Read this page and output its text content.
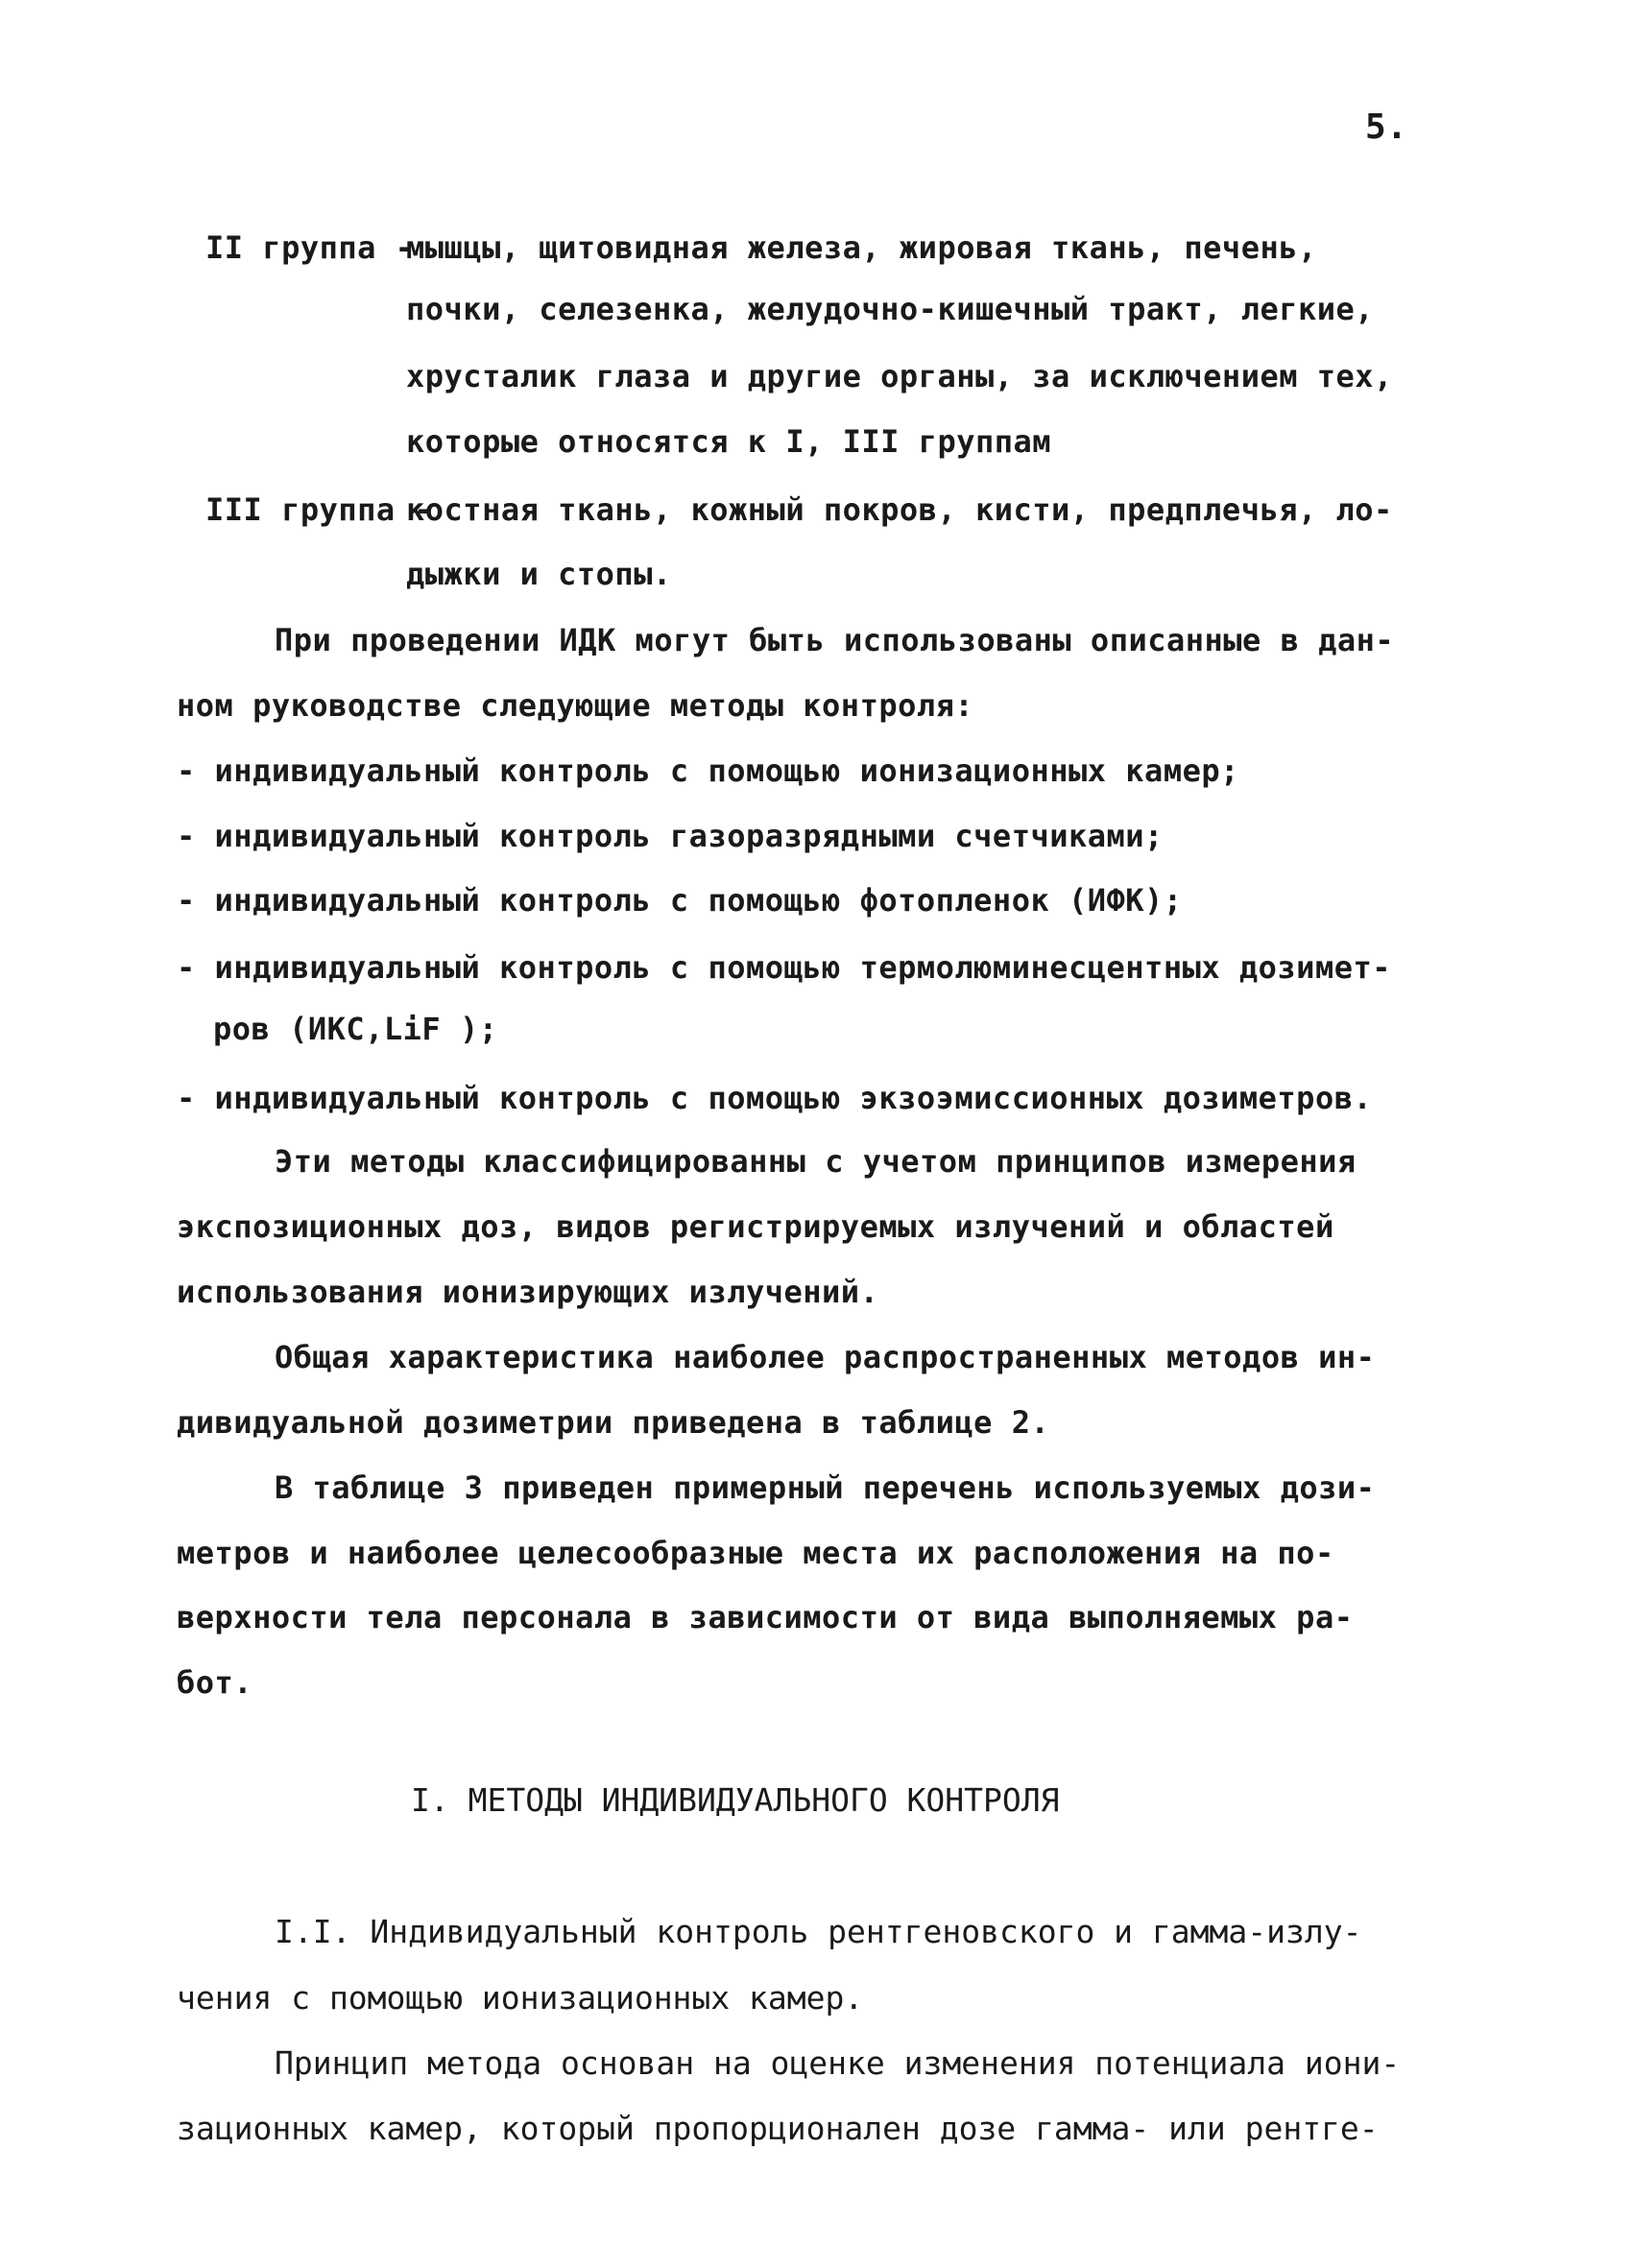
5.
II группа -
мышцы, щитовидная железа, жировая ткань, печень,
почки, селезенка, желудочно-кишечный тракт, легкие,
хрусталик глаза и другие органы, за исключением тех,
которые относятся к I, III группам
III группа -
костная ткань, кожный покров, кисти, предплечья, ло-
дыжки и стопы.
При проведении ИДК могут быть использованы описанные в дан-
ном руководстве следующие методы контроля:
- индивидуальный контроль с помощью ионизационных камер;
- индивидуальный контроль газоразрядными счетчиками;
- индивидуальный контроль с помощью фотопленок (ИФК);
- индивидуальный контроль с помощью термолюминесцентных дозимет-
ров (ИКС,LiF );
- индивидуальный контроль с помощью экзоэмиссионных дозиметров.
Эти методы классифицированны с учетом принципов измерения
экспозиционных доз, видов регистрируемых излучений и областей
использования ионизирующих излучений.
Общая характеристика наиболее распространенных методов ин-
дивидуальной дозиметрии приведена в таблице 2.
В таблице 3 приведен примерный перечень используемых дози-
метров и наиболее целесообразные места их расположения на по-
верхности тела персонала в зависимости от вида выполняемых ра-
бот.
I. МЕТОДЫ ИНДИВИДУАЛЬНОГО КОНТРОЛЯ
I.I. Индивидуальный контроль рентгеновского и гамма-излу-
чения с помощью ионизационных камер.
Принцип метода основан на оценке изменения потенциала иони-
зационных камер, который пропорционален дозе гамма- или рентге-
